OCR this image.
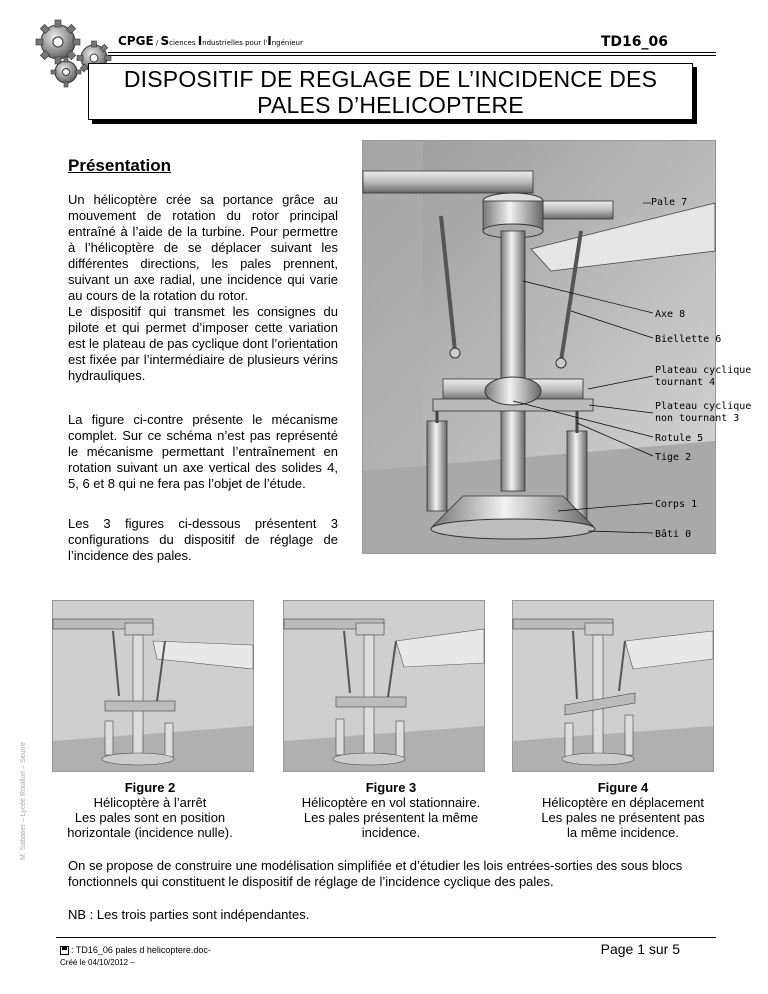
CPGE / Sciences Industrielles pour l'Ingénieur	TD16_06
DISPOSITIF DE REGLAGE DE L’INCIDENCE DES
PALES D’HELICOPTERE
Présentation

Un hélicoptère crée sa portance grâce au mouvement de rotation du rotor principal entraîné à l’aide de la turbine. Pour permettre à l’hélicoptère de se déplacer suivant les différentes directions, les pales prennent, suivant un axe radial, une incidence qui varie au cours de la rotation du rotor.

Le dispositif qui transmet les consignes du pilote et qui permet d’imposer cette variation est le plateau de pas cyclique dont l’orientation est fixée par l’intermédiaire de plusieurs vérins hydrauliques.

La figure ci-contre présente le mécanisme complet. Sur ce schéma n’est pas représenté le mécanisme permettant l’entraînement en rotation suivant un axe vertical des solides 4, 5, 6 et 8 qui ne fera pas l’objet de l’étude.

Les 3 figures ci-dessous présentent 3 configurations du dispositif de réglage de l’incidence des pales.

Pale 7
Axe 8
Biellette 6
Plateau cyclique
tournant 4
Plateau cyclique
non tournant 3
Rotule 5
Tige 2
Corps 1
Bâti 0
Figure 2
Hélicoptère à l’arrêt
Les pales sont en position
horizontale (incidence nulle).
Figure 3
Hélicoptère en vol stationnaire.
Les pales présentent la même
incidence.
Figure 4
Hélicoptère en déplacement
Les pales ne présentent pas
la même incidence.
M. Sabatier – Lycée Rouillon – Seurre
On se propose de construire une modélisation simplifiée et d’étudier les lois entrées-sorties des sous blocs fonctionnels qui constituent le dispositif de réglage de l’incidence cyclique des pales.
NB : Les trois parties sont indépendantes.
: TD16_06 pales d helicoptere.doc-
Créé le 04/10/2012 –
Page 1 sur 5
